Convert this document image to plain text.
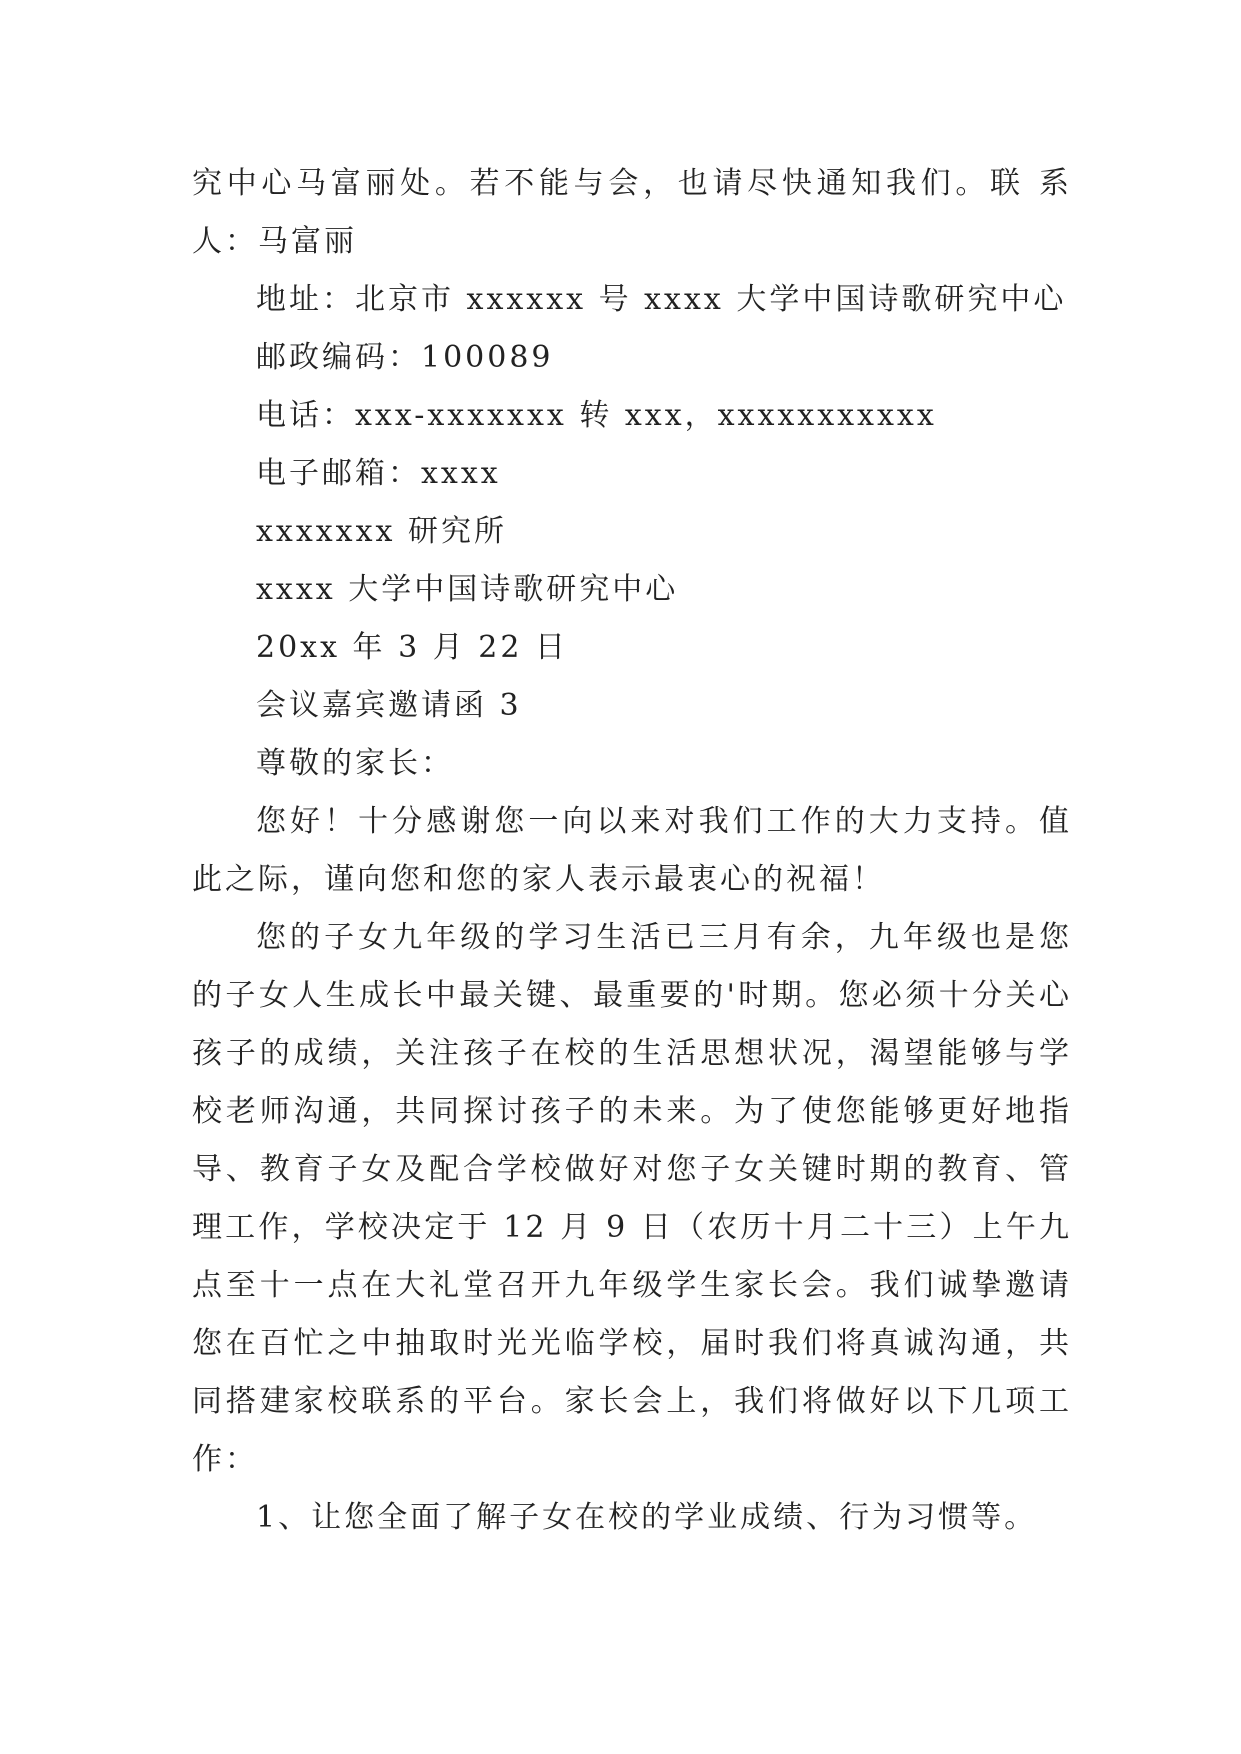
究中心马富丽处。若不能与会，也请尽快通知我们。联 系人：马富丽

地址：北京市 xxxxxx 号 xxxx 大学中国诗歌研究中心

邮政编码：100089

电话：xxx-xxxxxxx 转 xxx，xxxxxxxxxxx

电子邮箱：xxxx

xxxxxxx 研究所

xxxx 大学中国诗歌研究中心

20xx 年 3 月 22 日

会议嘉宾邀请函 3

尊敬的家长：

您好！十分感谢您一向以来对我们工作的大力支持。值此之际，谨向您和您的家人表示最衷心的祝福！

您的子女九年级的学习生活已三月有余，九年级也是您的子女人生成长中最关键、最重要的'时期。您必须十分关心孩子的成绩，关注孩子在校的生活思想状况，渴望能够与学校老师沟通，共同探讨孩子的未来。为了使您能够更好地指导、教育子女及配合学校做好对您子女关键时期的教育、管理工作，学校决定于 12 月 9 日（农历十月二十三）上午九点至十一点在大礼堂召开九年级学生家长会。我们诚挚邀请您在百忙之中抽取时光光临学校，届时我们将真诚沟通，共同搭建家校联系的平台。家长会上，我们将做好以下几项工作：

1、让您全面了解子女在校的学业成绩、行为习惯等。
